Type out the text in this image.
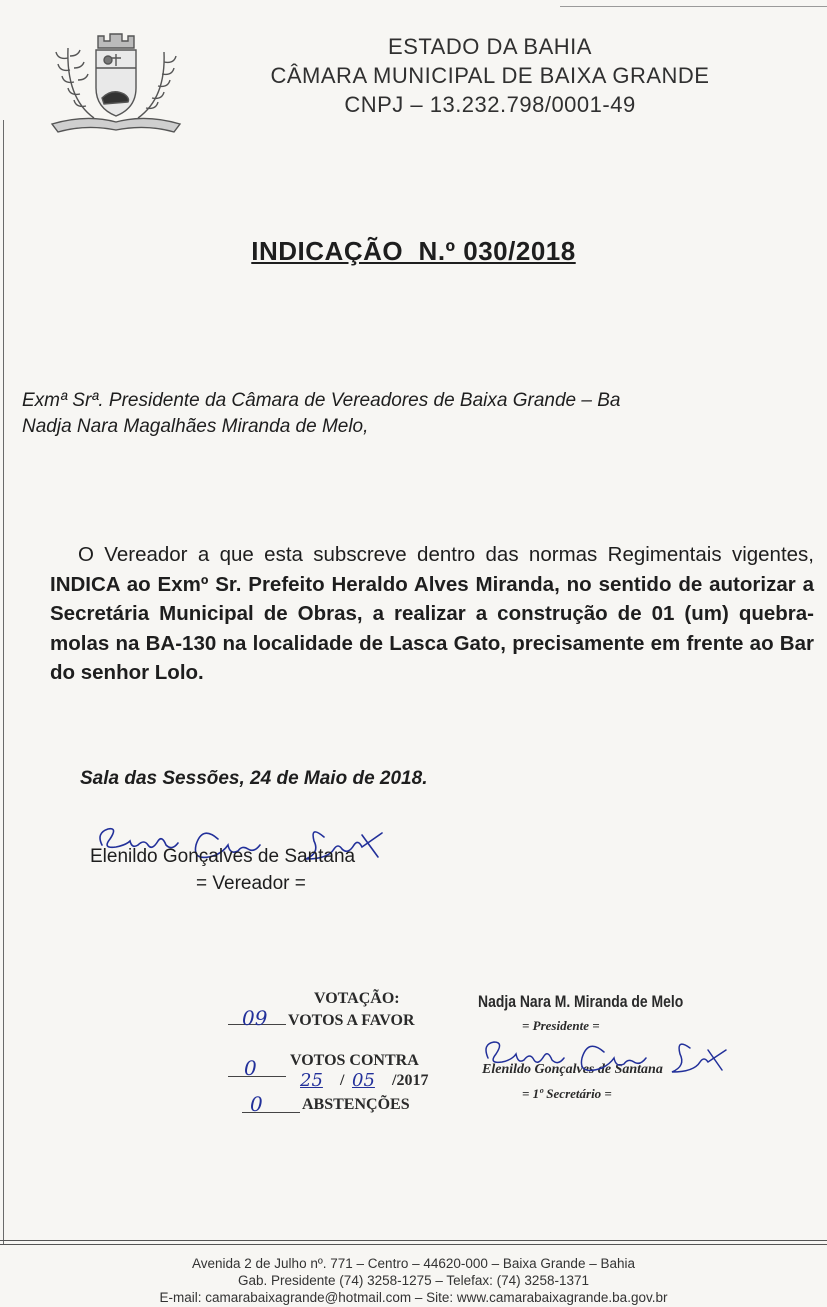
ESTADO DA BAHIA
CÂMARA MUNICIPAL DE BAIXA GRANDE
CNPJ – 13.232.798/0001-49
INDICAÇÃO  N.º 030/2018
Exmª Srª. Presidente da Câmara de Vereadores de Baixa Grande – Ba
Nadja Nara Magalhães Miranda de Melo,
O Vereador a que esta subscreve dentro das normas Regimentais vigentes, INDICA ao Exmº Sr. Prefeito Heraldo Alves Miranda, no sentido de autorizar a Secretária Municipal de Obras, a realizar a construção de 01 (um) quebra-molas na BA-130 na localidade de Lasca Gato, precisamente em frente ao Bar do senhor Lolo.
Sala das Sessões, 24 de Maio de 2018.
Elenildo Gonçalves de Santana
= Vereador =
VOTAÇÃO:
09 VOTOS A FAVOR
0 VOTOS CONTRA
25 / 05 /2017
0 ABSTENÇÕES
Nadja Nara M. Miranda de Melo
= Presidente =
Elenildo Gonçalves de Santana
= 1º Secretário =
Avenida 2 de Julho nº. 771 – Centro – 44620-000 – Baixa Grande – Bahia
Gab. Presidente (74) 3258-1275 – Telefax: (74) 3258-1371
E-mail: camarabaixagrande@hotmail.com – Site: www.camarabaixagrande.ba.gov.br
